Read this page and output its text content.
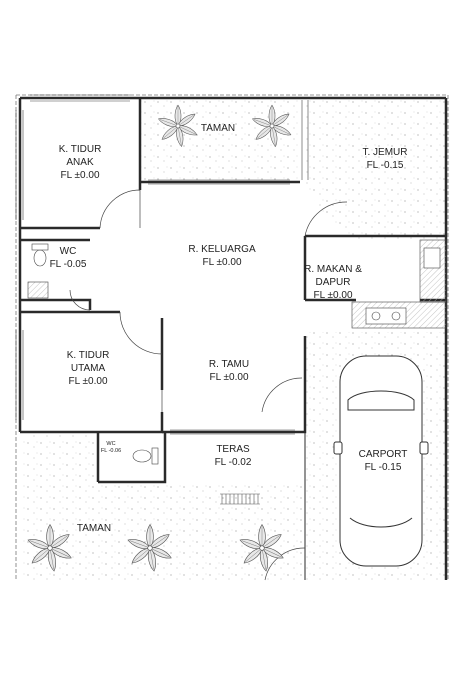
K. TIDUR
ANAK
FL ±0.00
TAMAN
T. JEMUR
FL -0.15
WC
FL -0.05
R. KELUARGA
FL ±0.00
R. MAKAN &
DAPUR
FL ±0.00
K. TIDUR
UTAMA
FL ±0.00
R. TAMU
FL ±0.00
WC
FL -0.06	TERAS
FL -0.02
CARPORT
FL -0.15
TAMAN
